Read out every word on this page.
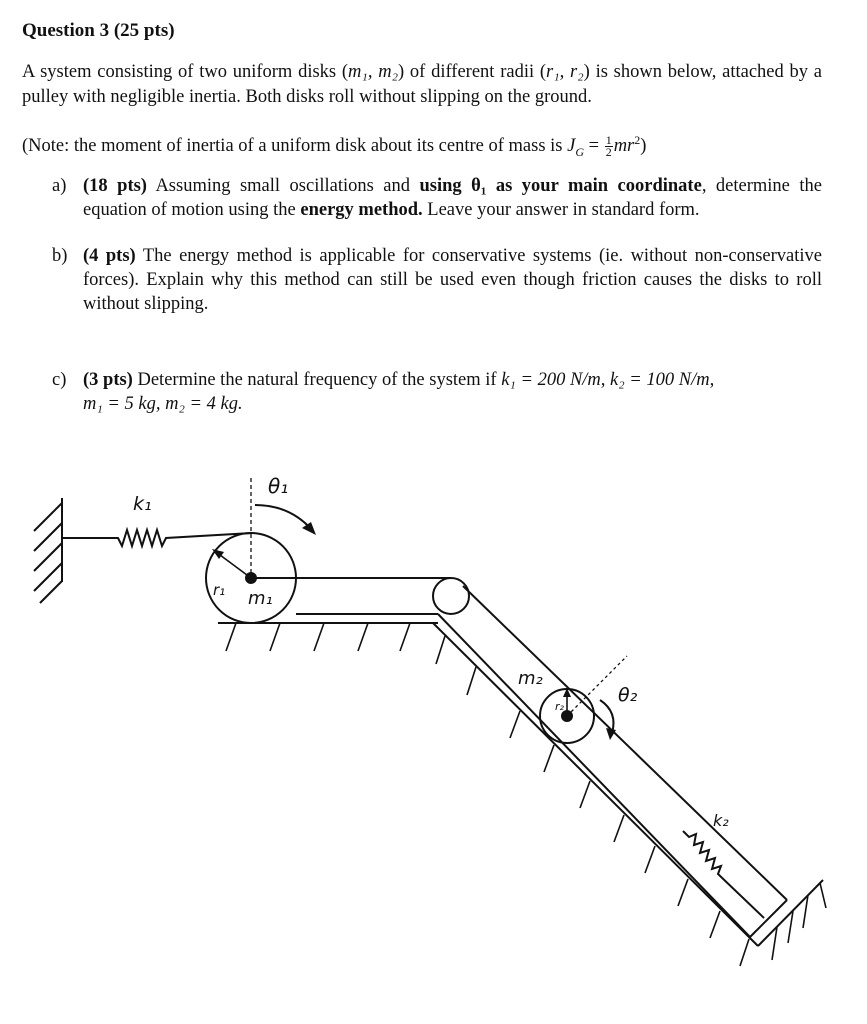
Question 3 (25 pts)
A system consisting of two uniform disks (m₁, m₂) of different radii (r₁, r₂) is shown below, attached by a pulley with negligible inertia. Both disks roll without slipping on the ground.
(Note: the moment of inertia of a uniform disk about its centre of mass is $J_G = \frac{1}{2} mr^2$)
a) (18 pts) Assuming small oscillations and using θ₁ as your main coordinate, determine the equation of motion using the energy method. Leave your answer in standard form.
b) (4 pts) The energy method is applicable for conservative systems (ie. without non-conservative forces). Explain why this method can still be used even though friction causes the disks to roll without slipping.
c) (3 pts) Determine the natural frequency of the system if k₁ = 200 N/m, k₂ = 100 N/m,
m₁ = 5 kg, m₂ = 4 kg.
k₁
θ₁
r₁ m₁
m₂
r₂
θ₂
k₂
